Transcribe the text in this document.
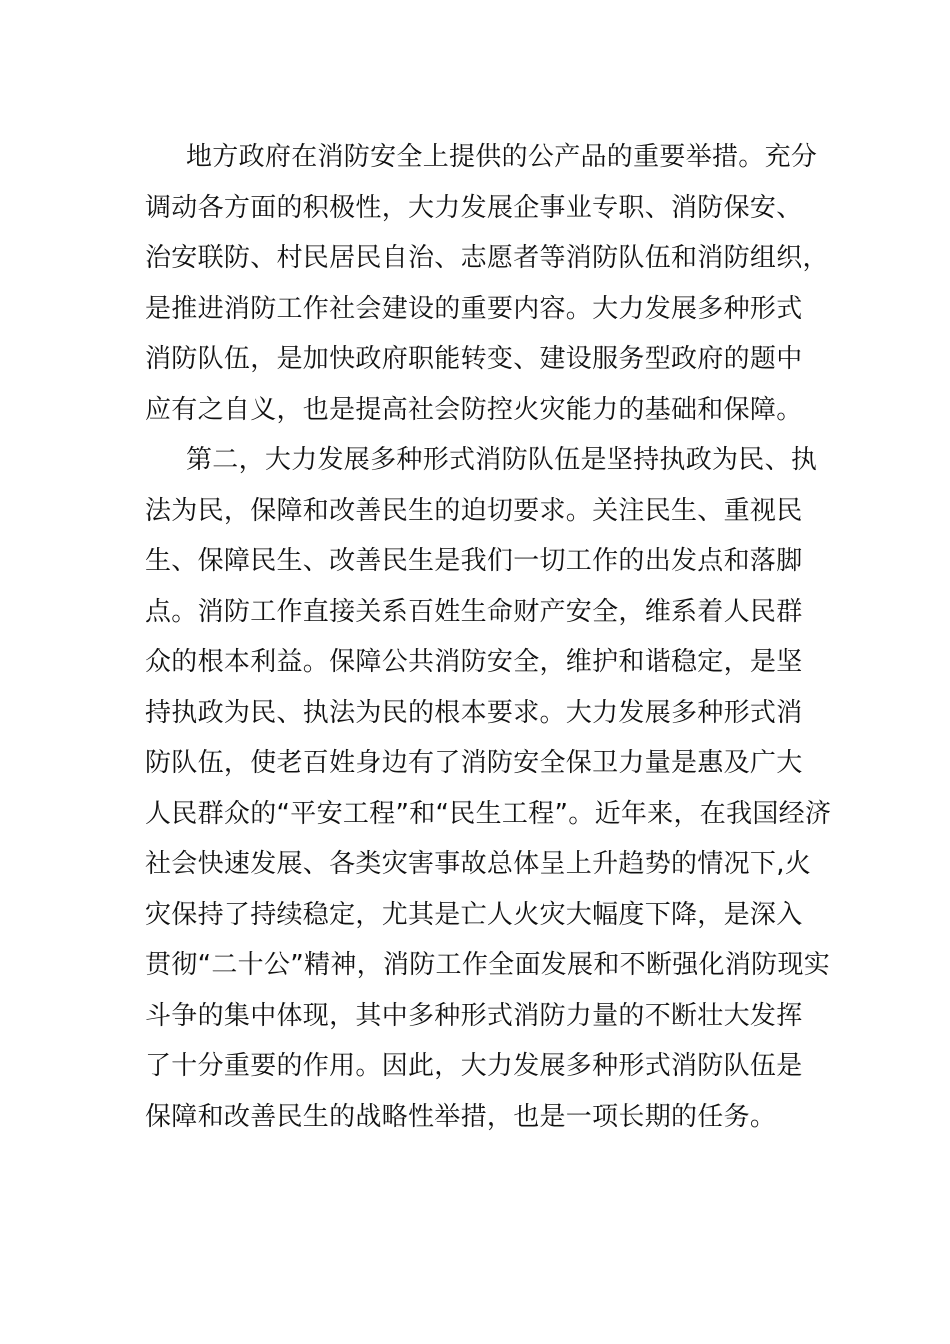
地方政府在消防安全上提供的公产品的重要举措。充分
调动各方面的积极性，大力发展企事业专职、消防保安、
治安联防、村民居民自治、志愿者等消防队伍和消防组织，
是推进消防工作社会建设的重要内容。大力发展多种形式
消防队伍，是加快政府职能转变、建设服务型政府的题中
应有之自义，也是提高社会防控火灾能力的基础和保障。
第二，大力发展多种形式消防队伍是坚持执政为民、执
法为民，保障和改善民生的迫切要求。关注民生、重视民
生、保障民生、改善民生是我们一切工作的出发点和落脚
点。消防工作直接关系百姓生命财产安全，维系着人民群
众的根本利益。保障公共消防安全，维护和谐稳定，是坚
持执政为民、执法为民的根本要求。大力发展多种形式消
防队伍，使老百姓身边有了消防安全保卫力量是惠及广大
人民群众的“平安工程”和“民生工程”。近年来，在我国经济
社会快速发展、各类灾害事故总体呈上升趋势的情况下,火
灾保持了持续稳定，尤其是亡人火灾大幅度下降，是深入
贯彻“二十公”精神，消防工作全面发展和不断强化消防现实
斗争的集中体现，其中多种形式消防力量的不断壮大发挥
了十分重要的作用。因此，大力发展多种形式消防队伍是
保障和改善民生的战略性举措，也是一项长期的任务。
